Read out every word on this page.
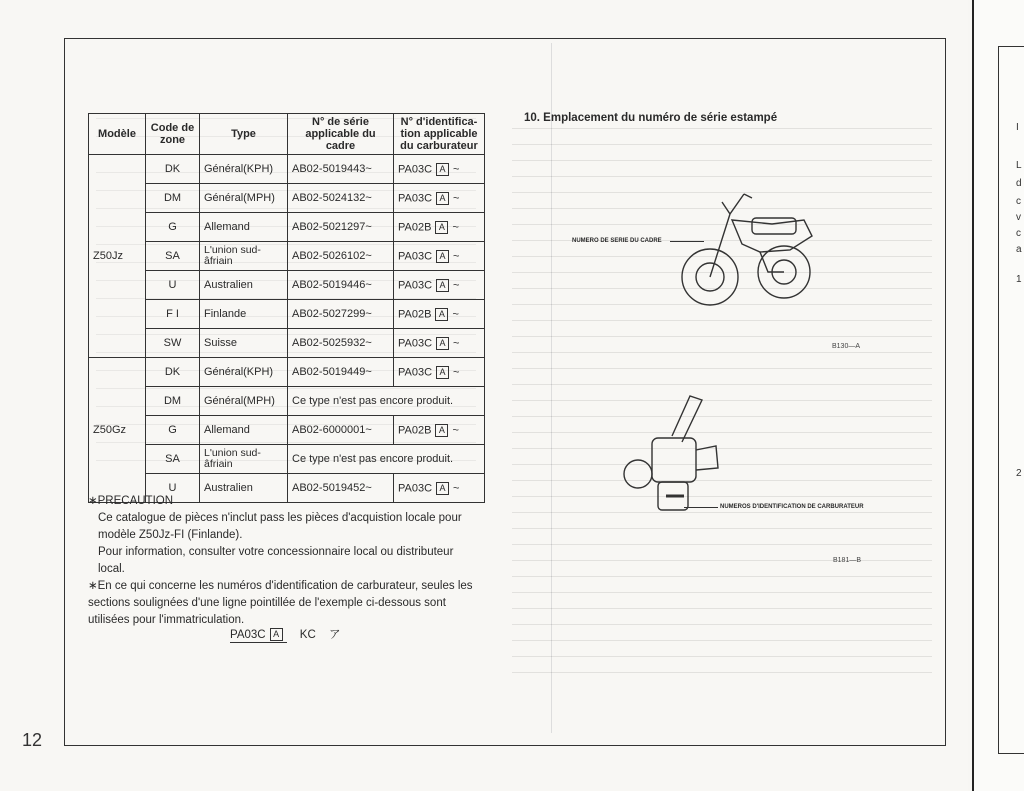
Modèle	Code de zone	Type	N° de série applicable du cadre	N° d'identifica-tion applicable du carburateur
Z50Jz	DK	Général(KPH)	AB02-5019443~	PA03C A ~
	DM	Général(MPH)	AB02-5024132~	PA03C A ~
	G	Allemand	AB02-5021297~	PA02B A ~
	SA	L'union sud-âfriain	AB02-5026102~	PA03C A ~
	U	Australien	AB02-5019446~	PA03C A ~
	F I	Finlande	AB02-5027299~	PA02B A ~
	SW	Suisse	AB02-5025932~	PA03C A ~
Z50Gz	DK	Général(KPH)	AB02-5019449~	PA03C A ~
	DM	Général(MPH)	Ce type n'est pas encore produit.	
	G	Allemand	AB02-6000001~	PA02B A ~
	SA	L'union sud-âfriain	Ce type n'est pas encore produit.	
	U	Australien	AB02-5019452~	PA03C A ~

∗PRECAUTION

Ce catalogue de pièces n'inclut pass les pièces d'acquistion locale pour modèle Z50Jz-FI (Finlande).

Pour information, consulter votre concessionnaire local ou distributeur local.

∗En ce qui concerne les numéros d'identification de carburateur, seules les sections soulignées d'une ligne pointillée de l'exemple ci-dessous sont utilisées pour l'immatriculation.

PA03C A KC ア
10. Emplacement du numéro de série estampé
NUMERO DE SERIE DU CADRE
B130—A
NUMEROS D'IDENTIFICATION DE CARBURATEUR
B181—B
12
I
L
d
c
v
c
a
1
2
